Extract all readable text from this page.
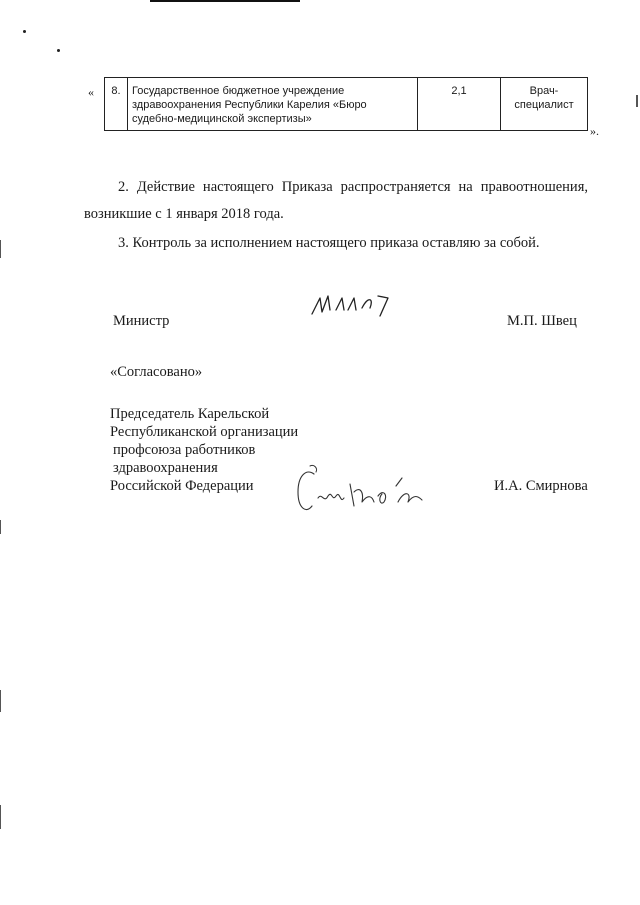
« 8.	Государственное бюджетное учреждение здравоохранения Республики Карелия «Бюро судебно-медицинской экспертизы»	2,1	Врач-
специалист
».
2. Действие настоящего Приказа распространяется на правоотношения,
возникшие с 1 января 2018 года.
3. Контроль за исполнением настоящего приказа оставляю за собой.
Министр	М.П. Швец
«Согласовано»
Председатель Карельской
Республиканской организации
профсоюза работников
здравоохранения
Российской Федерации	И.А. Смирнова
